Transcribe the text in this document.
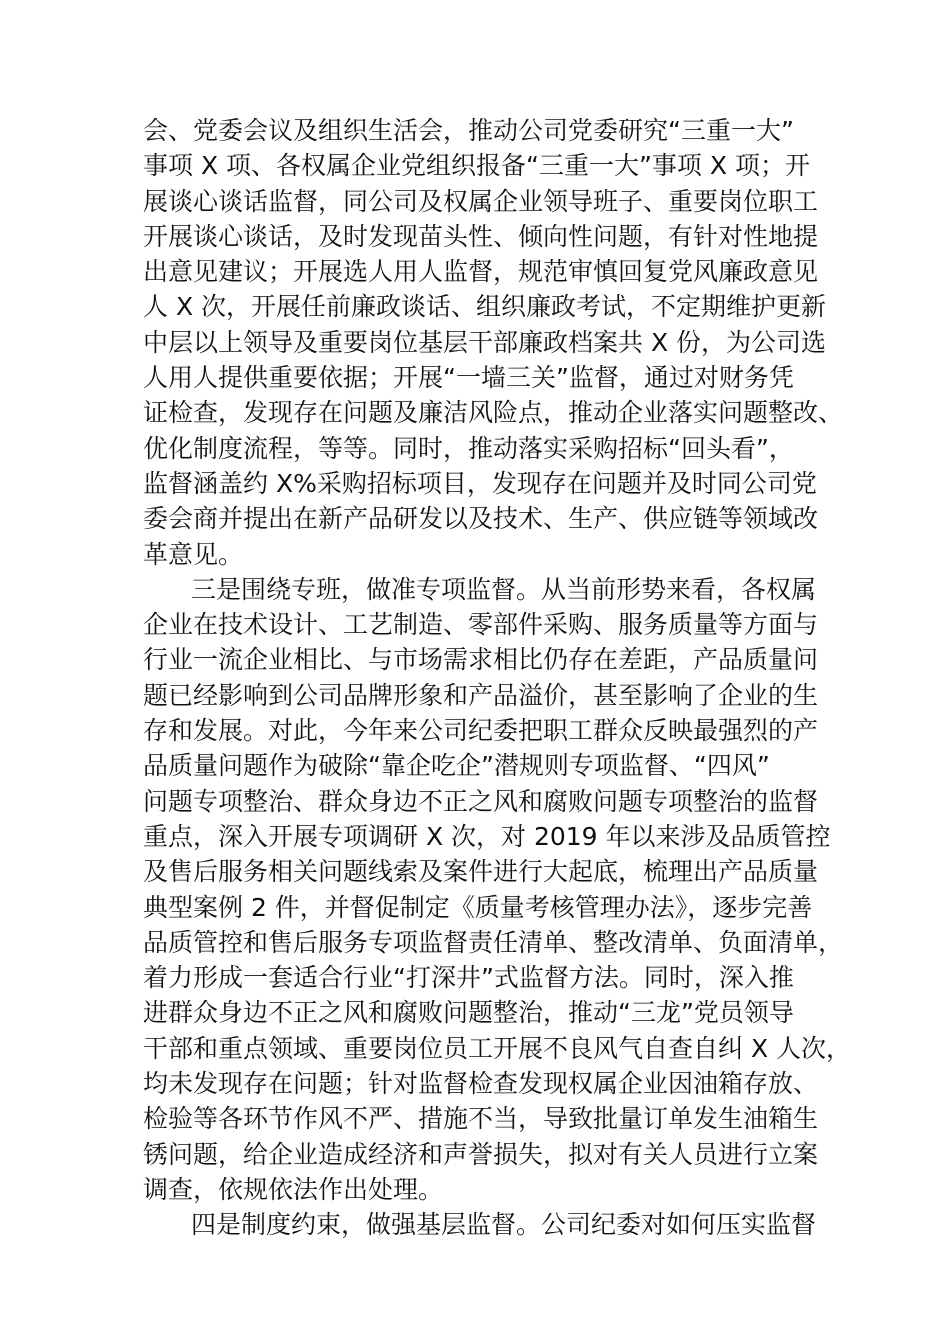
会、党委会议及组织生活会，推动公司党委研究“三重一大”
事项 X 项、各权属企业党组织报备“三重一大”事项 X 项；开
展谈心谈话监督，同公司及权属企业领导班子、重要岗位职工
开展谈心谈话，及时发现苗头性、倾向性问题，有针对性地提
出意见建议；开展选人用人监督，规范审慎回复党风廉政意见
人 X 次，开展任前廉政谈话、组织廉政考试，不定期维护更新
中层以上领导及重要岗位基层干部廉政档案共 X 份，为公司选
人用人提供重要依据；开展“一墙三关”监督，通过对财务凭
证检查，发现存在问题及廉洁风险点，推动企业落实问题整改、
优化制度流程，等等。同时，推动落实采购招标“回头看”，
监督涵盖约 X%采购招标项目，发现存在问题并及时同公司党
委会商并提出在新产品研发以及技术、生产、供应链等领域改
革意见。
三是围绕专班，做准专项监督。从当前形势来看，各权属
企业在技术设计、工艺制造、零部件采购、服务质量等方面与
行业一流企业相比、与市场需求相比仍存在差距，产品质量问
题已经影响到公司品牌形象和产品溢价，甚至影响了企业的生
存和发展。对此，今年来公司纪委把职工群众反映最强烈的产
品质量问题作为破除“靠企吃企”潜规则专项监督、“四风”
问题专项整治、群众身边不正之风和腐败问题专项整治的监督
重点，深入开展专项调研 X 次，对 2019 年以来涉及品质管控
及售后服务相关问题线索及案件进行大起底，梳理出产品质量
典型案例 2 件，并督促制定《质量考核管理办法》，逐步完善
品质管控和售后服务专项监督责任清单、整改清单、负面清单，
着力形成一套适合行业“打深井”式监督方法。同时，深入推
进群众身边不正之风和腐败问题整治，推动“三龙”党员领导
干部和重点领域、重要岗位员工开展不良风气自查自纠 X 人次，
均未发现存在问题；针对监督检查发现权属企业因油箱存放、
检验等各环节作风不严、措施不当，导致批量订单发生油箱生
锈问题，给企业造成经济和声誉损失，拟对有关人员进行立案
调查，依规依法作出处理。
四是制度约束，做强基层监督。公司纪委对如何压实监督
